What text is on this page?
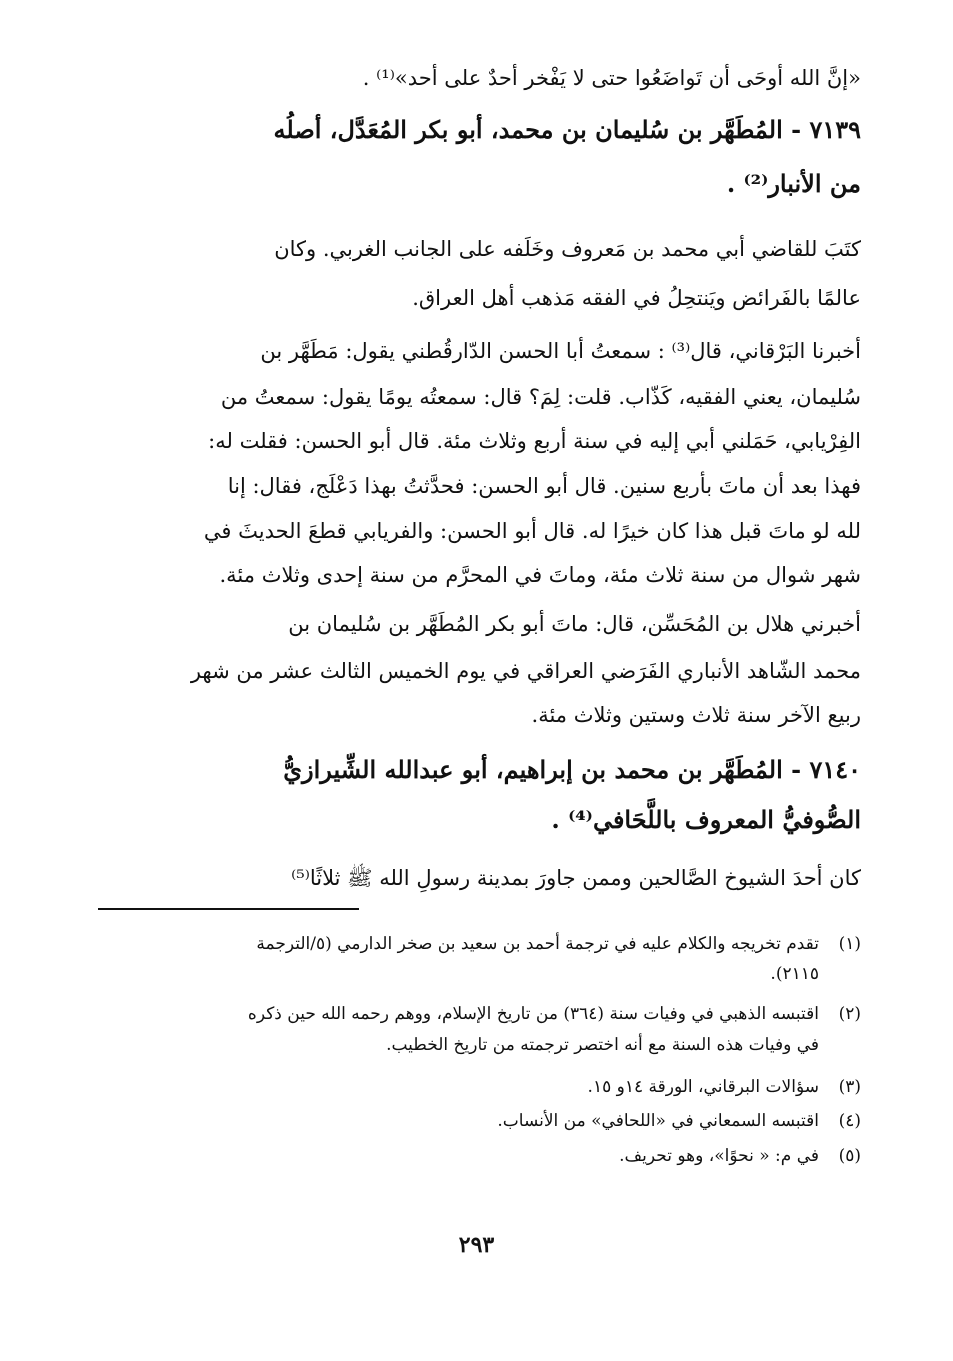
«إنَّ الله أوحَى أن تَواضَعُوا حتى لا يَفْخر أحدٌ على أحد»⁽¹⁾ .
٧١٣٩ - المُطَهَّر بن سُليمان بن محمد، أبو بكر المُعَدَّل، أصلُه
من الأنبار⁽²⁾ .
كتَبَ للقاضي أبي محمد بن مَعروف وخَلَفه على الجانب الغربي. وكان
عالمًا بالفَرائض ويَنتحِلُ في الفقه مَذهب أهل العراق.
أخبرنا البَرْقاني، قال⁽³⁾ : سمعتُ أبا الحسن الدّارقُطني يقول: مَطَهَّر بن
سُليمان، يعني الفقيه، كَذّاب. قلت: لِمَ؟ قال: سمعتُه يومًا يقول: سمعتُ من
الفِرْيابي، حَمَلني أبي إليه في سنة أربع وثلاث مئة. قال أبو الحسن: فقلت له:
فهذا بعد أن ماتَ بأربع سنين. قال أبو الحسن: فحدَّثتُ بهذا دَعْلَج، فقال: إنا
لله لو ماتَ قبل هذا كان خيرًا له. قال أبو الحسن: والفريابي قطعَ الحديثَ في
شهر شوال من سنة ثلاث مئة، وماتَ في المحرَّم من سنة إحدى وثلاث مئة.
أخبرني هلال بن المُحَسِّن، قال: ماتَ أبو بكر المُطَهَّر بن سُليمان بن
محمد الشّاهد الأنباري الفَرَضي العراقي في يوم الخميس الثالث عشر من شهر
ربيع الآخر سنة ثلاث وستين وثلاث مئة.
٧١٤٠ - المُطَهَّر بن محمد بن إبراهيم، أبو عبدالله الشِّيرازيُّ
الصُّوفيُّ المعروف باللَّحَافي⁽⁴⁾ .
كان أحدَ الشيوخ الصَّالحين وممن جاورَ بمدينة رسولِ الله ﷺ ثلاثًا⁽⁵⁾
(١)تقدم تخريجه والكلام عليه في ترجمة أحمد بن سعيد بن صخر الدارمي (٥/الترجمة
٢١١٥).
(٢)اقتبسه الذهبي في وفيات سنة (٣٦٤) من تاريخ الإسلام، ووهم رحمه الله حين ذكره
في وفيات هذه السنة مع أنه اختصر ترجمته من تاريخ الخطيب.
(٣)سؤالات البرقاني، الورقة ١٤و ١٥.
(٤)اقتبسه السمعاني في «اللحافي» من الأنساب.
(٥)في م: « نحوًا»، وهو تحريف.
٢٩٣
